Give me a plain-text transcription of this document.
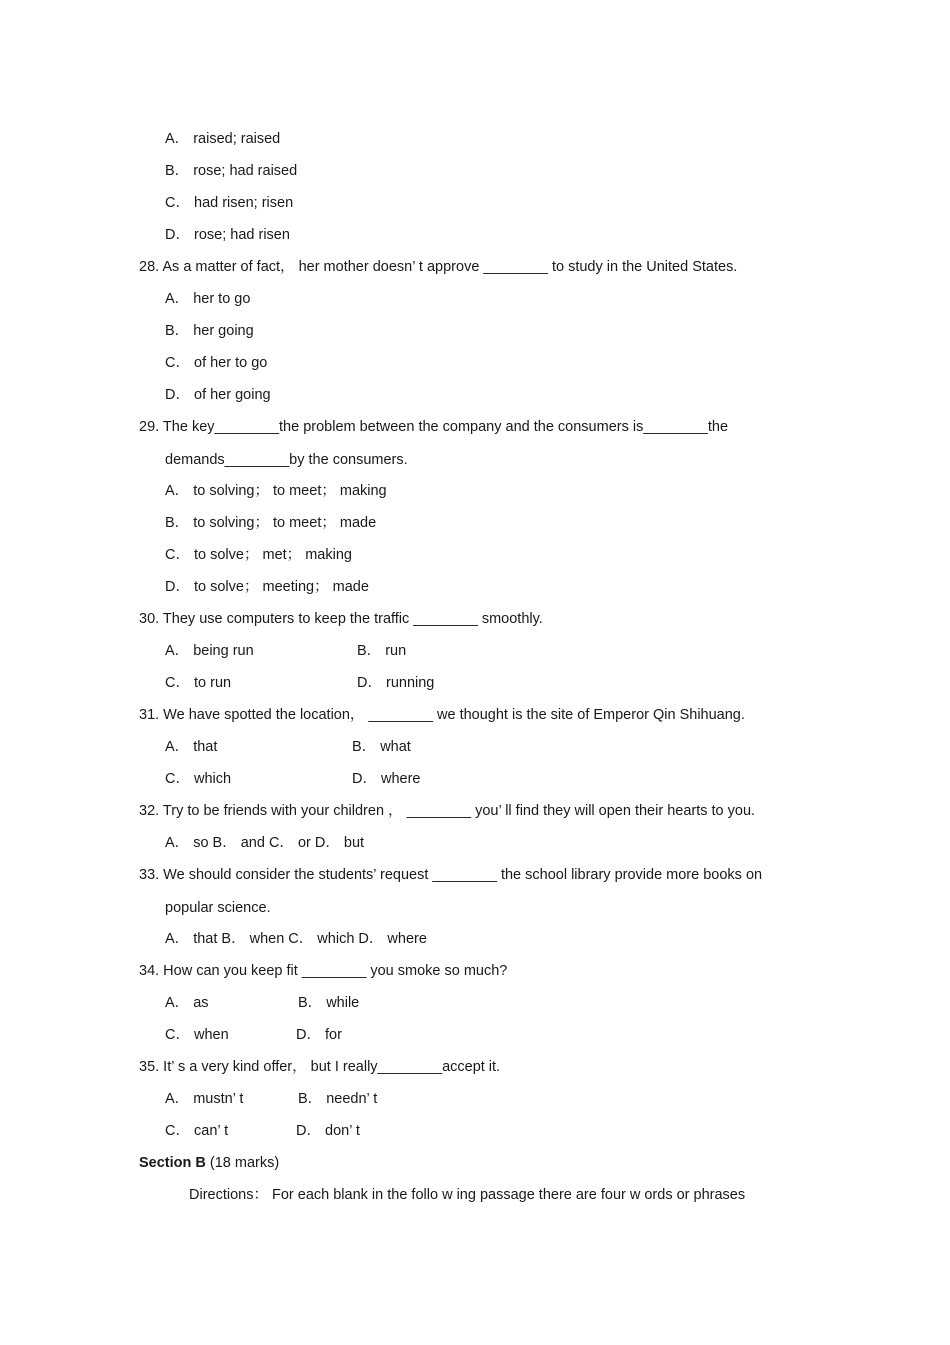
A． raised; raised
B． rose; had raised
C． had risen; risen
D． rose; had risen
28. As a matter of fact， her mother doesn’ t approve ________ to study in the United States.
A． her to go
B． her going
C． of her to go
D． of her going
29. The key________the problem between the company and the consumers is________the
demands________by the consumers.
A． to solving； to meet； making
B． to solving； to meet； made
C． to solve； met； making
D． to solve； meeting； made
30. They use computers to keep the traffic ________ smoothly.
A． being run	B． run
C． to run	D． running
31. We have spotted the location， ________ we thought is the site of Emperor Qin Shihuang.
A． that	B． what
C． which	D． where
32. Try to be friends with your children ， ________ you’ ll find they will open their hearts to you.
A． so B． and C． or D． but
33. We should consider the students’ request ________ the school library provide more books on
popular science.
A． that B． when C． which D． where
34. How can you keep fit ________ you smoke so much?
A． as	B． while
C． when	D． for
35. It’ s a very kind offer， but I really________accept it.
A． mustn’ t	B． needn’ t
C． can’ t	D． don’ t
Section B (18 marks)
Directions： For each blank in the follo w ing passage there are four w ords or phrases
